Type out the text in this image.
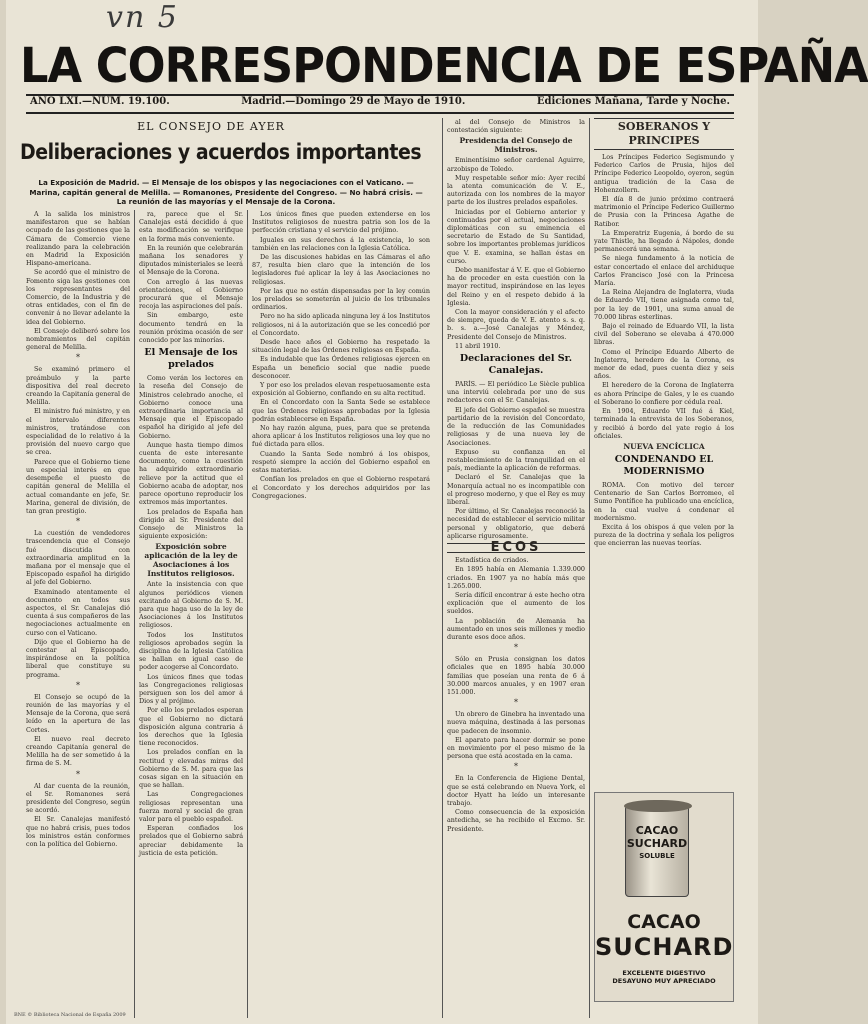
vn 5
LA CORRESPONDENCIA DE ESPAÑA
AÑO LXI.—NÚM. 19.100.	Madrid.—Domingo 29 de Mayo de 1910.	Ediciones Mañana, Tarde y Noche.
EL CONSEJO DE AYER
Deliberaciones y acuerdos importantes
La Exposición de Madrid. — El Mensaje de los obispos y las negociaciones con el Vaticano. —Marina, capitán general de Melilla. — Romanones, Presidente del Congreso. — No habrá crisis. — La reunión de las mayorías y el Mensaje de la Corona.

A la salida los ministros manifestaron que se habían ocupado de las gestiones que la Cámara de Comercio viene realizando para la celebración en Madrid la Exposición Hispano-americana.

Se acordó que el ministro de Fomento siga las gestiones con los representantes del Comercio, de la Industria y de otras entidades, con el fin de convenir á no llevar adelante la idea del Gobierno.

El Consejo deliberó sobre los nombramientos del capitán general de Melilla.

*

Se examinó primero el preámbulo y la parte dispositiva del real decreto creando la Capitanía general de Melilla.

El ministro fué ministro, y en el intervalo diferentes ministros, tratándose con especialidad de lo relativo á la provisión del nuevo cargo que se crea.

Parece que el Gobierno tiene un especial interés en que desempeñe el puesto de capitán general de Melilla el actual comandante en jefe, Sr. Marina, general de división, de tan gran prestigio.

*

La cuestión de vendedores trascendencia que el Consejo fué discutida con extraordinaria amplitud en la mañana por el mensaje que el Episcopado español ha dirigido al jefe del Gobierno.

Examinado atentamente el documento en todos sus aspectos, el Sr. Canalejas dió cuenta á sus compañeros de las negociaciones actualmente en curso con el Vaticano.

Dijo que el Gobierno ha de contestar al Episcopado, inspirándose en la política liberal que constituye su programa.

*

El Consejo se ocupó de la reunión de las mayorías y el Mensaje de la Corona, que será leído en la apertura de las Cortes.

El nuevo real decreto creando Capitanía general de Melilla ha de ser sometido á la firma de S. M.

*

Al dar cuenta de la reunión, el Sr. Romanones será presidente del Congreso, según se acordó.

El Sr. Canalejas manifestó que no habrá crisis, pues todos los ministros están conformes con la política del Gobierno.

ra, parece que el Sr. Canalejas está decidido á que esta modificación se verifique en la forma más conveniente.

En la reunión que celebrarán mañana los senadores y diputados ministeriales se leerá el Mensaje de la Corona.

Con arreglo á las nuevas orientaciones, el Gobierno procurará que el Mensaje recoja las aspiraciones del país.

Sin embargo, este documento tendrá en la reunión próxima ocasión de ser conocido por las minorías.

El Mensaje de los prelados

Como verán los lectores en la reseña del Consejo de Ministros celebrado anoche, el Gobierno conoce una extraordinaria importancia al Mensaje que el Episcopado español ha dirigido al jefe del Gobierno.

Aunque hasta tiempo dimos cuenta de este interesante documento, como la cuestión ha adquirido extraordinario relieve por la actitud que el Gobierno acaba de adoptar, nos parece oportuno reproducir los extremos más importantes.

Los prelados de España han dirigido al Sr. Presidente del Consejo de Ministros la siguiente exposición:

Exposición sobre aplicación de la ley de Asociaciones á los Institutos religiosos.

Ante la insistencia con que algunos periódicos vienen excitando al Gobierno de S. M. para que haga uso de la ley de Asociaciones á los Institutos religiosos.

Todos los Institutos religiosos aprobados según la disciplina de la Iglesia Católica se hallan en igual caso de poder acogerse al Concordato.

Los únicos fines que todas las Congregaciones religiosas persiguen son los del amor á Dios y al prójimo.

Por ello los prelados esperan que el Gobierno no dictará disposición alguna contraria á los derechos que la Iglesia tiene reconocidos.

Los prelados confían en la rectitud y elevadas miras del Gobierno de S. M. para que las cosas sigan en la situación en que se hallan.

Las Congregaciones religiosas representan una fuerza moral y social de gran valor para el pueblo español.

Esperan confiados los prelados que el Gobierno sabrá apreciar debidamente la justicia de esta petición.

Los únicos fines que pueden extenderse en los Institutos religiosos de nuestra patria son los de la perfección cristiana y el servicio del prójimo.

Iguales en sus derechos á la existencia, lo son también en las relaciones con la Iglesia Católica.

De las discusiones habidas en las Cámaras el año 87, resulta bien claro que la intención de los legisladores fué aplicar la ley á las Asociaciones no religiosas.

Por las que no están dispensadas por la ley común los prelados se someterán al juicio de los tribunales ordinarios.

Pero no ha sido aplicada ninguna ley á los Institutos religiosos, ni á la autorización que se les concedió por el Concordato.

Desde hace años el Gobierno ha respetado la situación legal de las Órdenes religiosas en España.

Es indudable que las Órdenes religiosas ejercen en España un beneficio social que nadie puede desconocer.

Y por eso los prelados elevan respetuosamente esta exposición al Gobierno, confiando en su alta rectitud.

En el Concordato con la Santa Sede se establece que las Órdenes religiosas aprobadas por la Iglesia podrán establecerse en España.

No hay razón alguna, pues, para que se pretenda ahora aplicar á los Institutos religiosos una ley que no fué dictada para ellos.

Cuando la Santa Sede nombró á los obispos, respetó siempre la acción del Gobierno español en estas materias.

Confían los prelados en que el Gobierno respetará el Concordato y los derechos adquiridos por las Congregaciones.

al del Consejo de Ministros la contestación siguiente:

Presidencia del Consejo de Ministros.

Eminentísimo señor cardenal Aguirre, arzobispo de Toledo.

Muy respetable señor mío: Ayer recibí la atenta comunicación de V. E., autorizada con los nombres de la mayor parte de los ilustres prelados españoles.

Iniciadas por el Gobierno anterior y continuadas por el actual, negociaciones diplomáticas con su eminencia el secretario de Estado de Su Santidad, sobre los importantes problemas jurídicos que V. E. examina, se hallan éstas en curso.

Debo manifestar á V. E. que el Gobierno ha de proceder en esta cuestión con la mayor rectitud, inspirándose en las leyes del Reino y en el respeto debido á la Iglesia.

Con la mayor consideración y el afecto de siempre, queda de V. E. atento s. s. q. b. s. a.—José Canalejas y Méndez, Presidente del Consejo de Ministros.

11 abril 1910.

Declaraciones del Sr. Canalejas.

PARÍS. — El periódico Le Siècle publica una interviú celebrada por uno de sus redactores con el Sr. Canalejas.

El jefe del Gobierno español se muestra partidario de la revisión del Concordato, de la reducción de las Comunidades religiosas y de una nueva ley de Asociaciones.

Expuso su confianza en el restablecimiento de la tranquilidad en el país, mediante la aplicación de reformas.

Declaró el Sr. Canalejas que la Monarquía actual no es incompatible con el progreso moderno, y que el Rey es muy liberal.

Por último, el Sr. Canalejas reconoció la necesidad de establecer el servicio militar personal y obligatorio, que deberá aplicarse rigurosamente.

ECOS

Estadística de criados.

En 1895 había en Alemania 1.339.000 criados. En 1907 ya no había más que 1.265.000.

Sería difícil encontrar á este hecho otra explicación que el aumento de los sueldos.

La población de Alemania ha aumentado en unos seis millones y medio durante esos doce años.

*

Sólo en Prusia consignan los datos oficiales que en 1895 había 30.000 familias que poseían una renta de 6 á 30.000 marcos anuales, y en 1907 eran 151.000.

*

Un obrero de Ginebra ha inventado una nueva máquina, destinada á las personas que padecen de insomnio.

El aparato para hacer dormir se pone en movimiento por el peso mismo de la persona que está acostada en la cama.

*

En la Conferencia de Higiene Dental, que se está celebrando en Nueva York, el doctor Hyatt ha leído un interesante trabajo.

Como consecuencia de la exposición antedicha, se ha recibido el Excmo. Sr. Presidente.

SOBERANOS Y PRINCIPES

Los Príncipes Federico Segismundo y Federico Carlos de Prusia, hijos del Príncipe Federico Leopoldo, oyeron, según antigua tradición de la Casa de Hohenzollern.

El día 8 de junio próximo contraerá matrimonio el Príncipe Federico Guillermo de Prusia con la Princesa Agathe de Ratibor.

La Emperatriz Eugenia, á bordo de su yate Thistle, ha llegado á Nápoles, donde permanecerá una semana.

Se niega fundamento á la noticia de estar concertado el enlace del archiduque Carlos Francisco José con la Princesa María.

La Reina Alejandra de Inglaterra, viuda de Eduardo VII, tiene asignada como tal, por la ley de 1901, una suma anual de 70.000 libras esterlinas.

Bajo el reinado de Eduardo VII, la lista civil del Soberano se elevaba á 470.000 libras.

Como el Príncipe Eduardo Alberto de Inglaterra, heredero de la Corona, es menor de edad, pues cuenta diez y seis años.

El heredero de la Corona de Inglaterra es ahora Príncipe de Gales, y le es cuando el Soberano lo confiere por cédula real.

En 1904, Eduardo VII fué á Kiel, terminada la entrevista de los Soberanos, y recibió á bordo del yate regio á los oficiales.

NUEVA ENCÍCLICA
CONDENANDO EL MODERNISMO

ROMA. Con motivo del tercer Centenario de San Carlos Borromeo, el Sumo Pontífice ha publicado una encíclica, en la cual vuelve á condenar el modernismo.

Excita á los obispos á que velen por la pureza de la doctrina y señala los peligros que encierran las nuevas teorías.

CACAO
SUCHARD
SOLUBLE
CACAO
SUCHARD
EXCELENTE DIGESTIVO
DESAYUNO MUY APRECIADO
BNE © Biblioteca Nacional de España 2009
